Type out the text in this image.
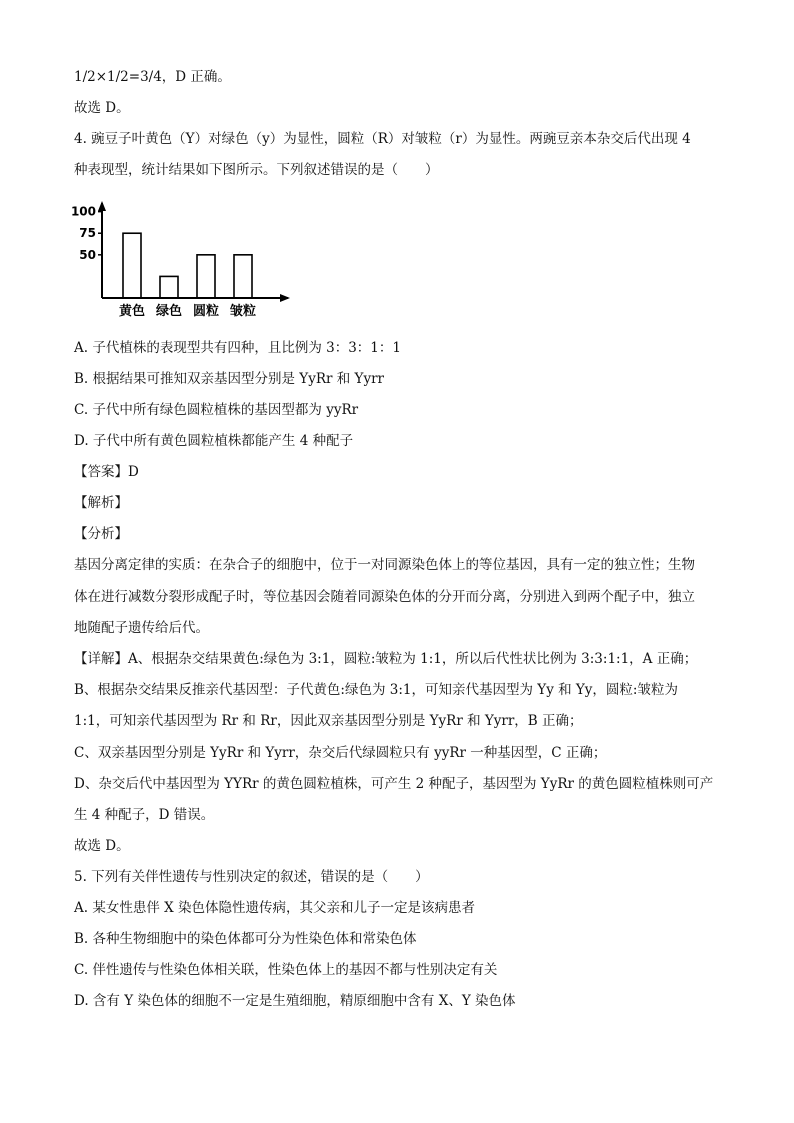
1/2×1/2=3/4，D 正确。
故选 D。
4. 豌豆子叶黄色（Y）对绿色（y）为显性，圆粒（R）对皱粒（r）为显性。两豌豆亲本杂交后代出现 4
种表现型，统计结果如下图所示。下列叙述错误的是（　　）
100
75
50
黄色 绿色 圆粒 皱粒
A. 子代植株的表现型共有四种，且比例为 3：3：1：1
B. 根据结果可推知双亲基因型分别是 YyRr 和 Yyrr
C. 子代中所有绿色圆粒植株的基因型都为 yyRr
D. 子代中所有黄色圆粒植株都能产生 4 种配子
【答案】D
【解析】
【分析】
基因分离定律的实质：在杂合子的细胞中，位于一对同源染色体上的等位基因，具有一定的独立性；生物
体在进行减数分裂形成配子时，等位基因会随着同源染色体的分开而分离，分别进入到两个配子中，独立
地随配子遗传给后代。
【详解】A、根据杂交结果黄色:绿色为 3:1，圆粒:皱粒为 1:1，所以后代性状比例为 3:3:1:1，A 正确；
B、根据杂交结果反推亲代基因型：子代黄色:绿色为 3:1，可知亲代基因型为 Yy 和 Yy，圆粒:皱粒为
1:1，可知亲代基因型为 Rr 和 Rr，因此双亲基因型分别是 YyRr 和 Yyrr，B 正确；
C、双亲基因型分别是 YyRr 和 Yyrr，杂交后代绿圆粒只有 yyRr 一种基因型，C 正确；
D、杂交后代中基因型为 YYRr 的黄色圆粒植株，可产生 2 种配子，基因型为 YyRr 的黄色圆粒植株则可产
生 4 种配子，D 错误。
故选 D。
5. 下列有关伴性遗传与性别决定的叙述，错误的是（　　）
A. 某女性患伴 X 染色体隐性遗传病，其父亲和儿子一定是该病患者
B. 各种生物细胞中的染色体都可分为性染色体和常染色体
C. 伴性遗传与性染色体相关联，性染色体上的基因不都与性别决定有关
D. 含有 Y 染色体的细胞不一定是生殖细胞，精原细胞中含有 X、Y 染色体
